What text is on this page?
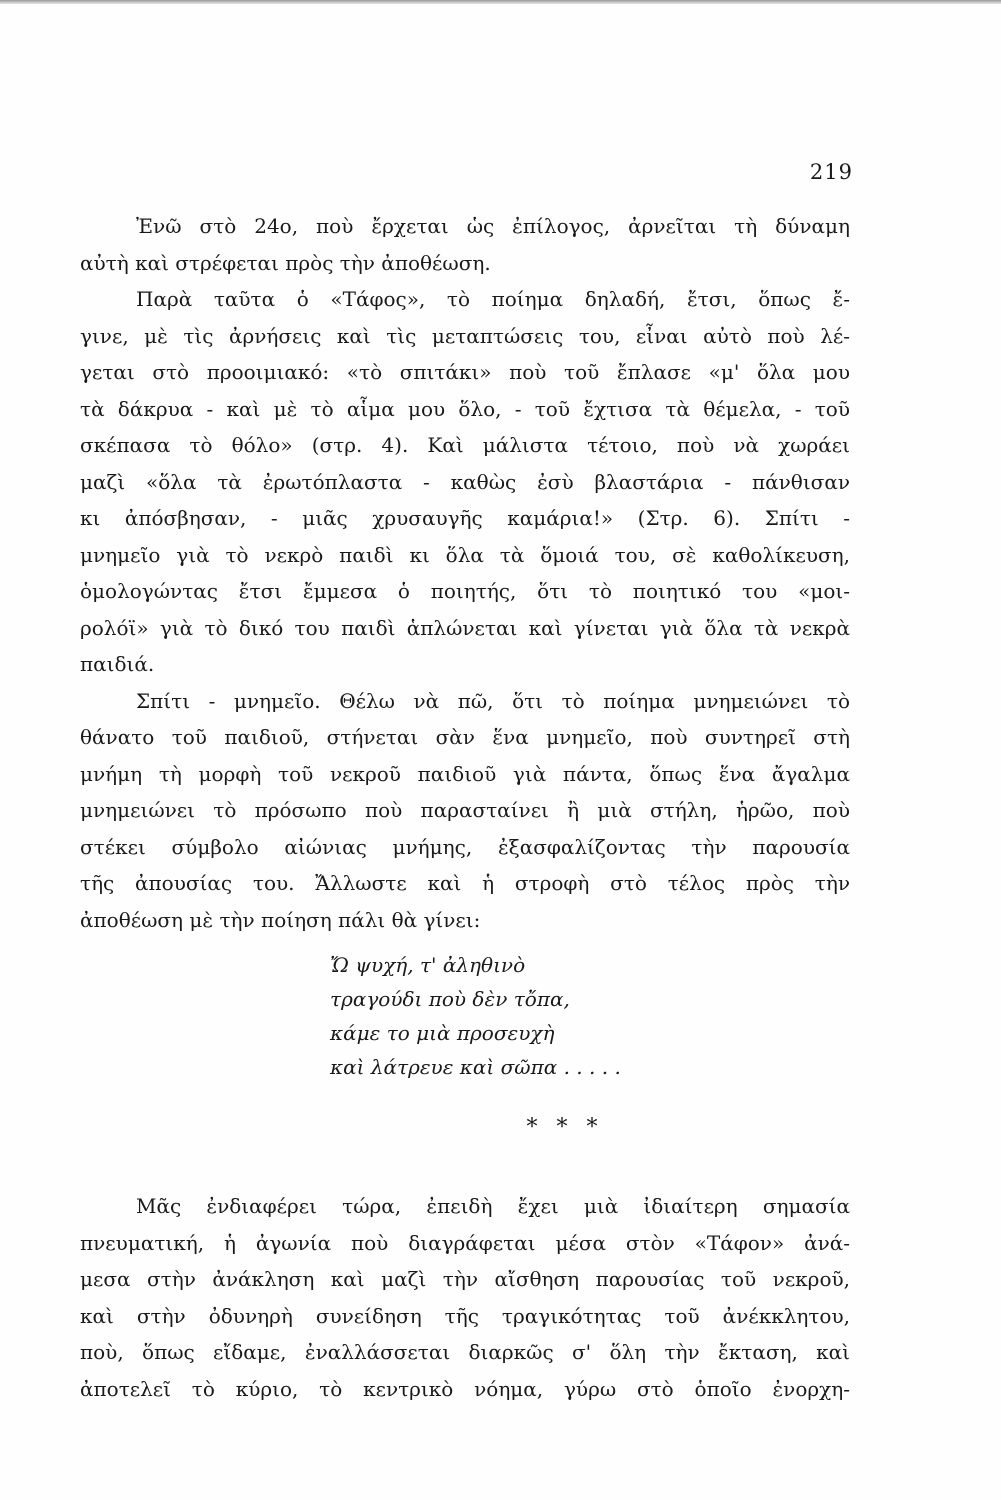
219
Ἐνῶ στὸ 24ο, ποὺ ἔρχεται ὡς ἐπίλογος, ἀρνεῖται τὴ δύναμη
αὐτὴ καὶ στρέφεται πρὸς τὴν ἀποθέωση.
Παρὰ ταῦτα ὁ «Τάφος», τὸ ποίημα δηλαδή, ἔτσι, ὅπως ἔ-
γινε, μὲ τὶς ἀρνήσεις καὶ τὶς μεταπτώσεις του, εἶναι αὐτὸ ποὺ λέ-
γεται στὸ προοιμιακό: «τὸ σπιτάκι» ποὺ τοῦ ἔπλασε «μ' ὅλα μου
τὰ δάκρυα - καὶ μὲ τὸ αἷμα μου ὅλο, - τοῦ ἔχτισα τὰ θέμελα, - τοῦ
σκέπασα τὸ θόλο» (στρ. 4). Καὶ μάλιστα τέτοιο, ποὺ νὰ χωράει
μαζὶ «ὅλα τὰ ἐρωτόπλαστα - καθὼς ἐσὺ βλαστάρια - πάνθισαν
κι ἀπόσβησαν, - μιᾶς χρυσαυγῆς καμάρια!» (Στρ. 6). Σπίτι -
μνημεῖο γιὰ τὸ νεκρὸ παιδὶ κι ὅλα τὰ ὅμοιά του, σὲ καθολίκευση,
ὁμολογώντας ἔτσι ἔμμεσα ὁ ποιητής, ὅτι τὸ ποιητικό του «μοι-
ρολόϊ» γιὰ τὸ δικό του παιδὶ ἁπλώνεται καὶ γίνεται γιὰ ὅλα τὰ νεκρὰ
παιδιά.
Σπίτι - μνημεῖο. Θέλω νὰ πῶ, ὅτι τὸ ποίημα μνημειώνει τὸ
θάνατο τοῦ παιδιοῦ, στήνεται σὰν ἕνα μνημεῖο, ποὺ συντηρεῖ στὴ
μνήμη τὴ μορφὴ τοῦ νεκροῦ παιδιοῦ γιὰ πάντα, ὅπως ἕνα ἄγαλμα
μνημειώνει τὸ πρόσωπο ποὺ παρασταίνει ἢ μιὰ στήλη, ἡρῶο, ποὺ
στέκει σύμβολο αἰώνιας μνήμης, ἐξασφαλίζοντας τὴν παρουσία
τῆς ἀπουσίας του. Ἄλλωστε καὶ ἡ στροφὴ στὸ τέλος πρὸς τὴν
ἀποθέωση μὲ τὴν ποίηση πάλι θὰ γίνει:
Ὤ ψυχή, τ' ἀληθινὸ
τραγούδι ποὺ δὲν τὄπα,
κάμε το μιὰ προσευχὴ
καὶ λάτρευε καὶ σῶπα . . . . .
* * *
Μᾶς ἐνδιαφέρει τώρα, ἐπειδὴ ἔχει μιὰ ἰδιαίτερη σημασία
πνευματική, ἡ ἀγωνία ποὺ διαγράφεται μέσα στὸν «Τάφον» ἀνά-
μεσα στὴν ἀνάκληση καὶ μαζὶ τὴν αἴσθηση παρουσίας τοῦ νεκροῦ,
καὶ στὴν ὀδυνηρὴ συνείδηση τῆς τραγικότητας τοῦ ἀνέκκλητου,
ποὺ, ὅπως εἴδαμε, ἐναλλάσσεται διαρκῶς σ' ὅλη τὴν ἔκταση, καὶ
ἀποτελεῖ τὸ κύριο, τὸ κεντρικὸ νόημα, γύρω στὸ ὁποῖο ἐνορχη-
